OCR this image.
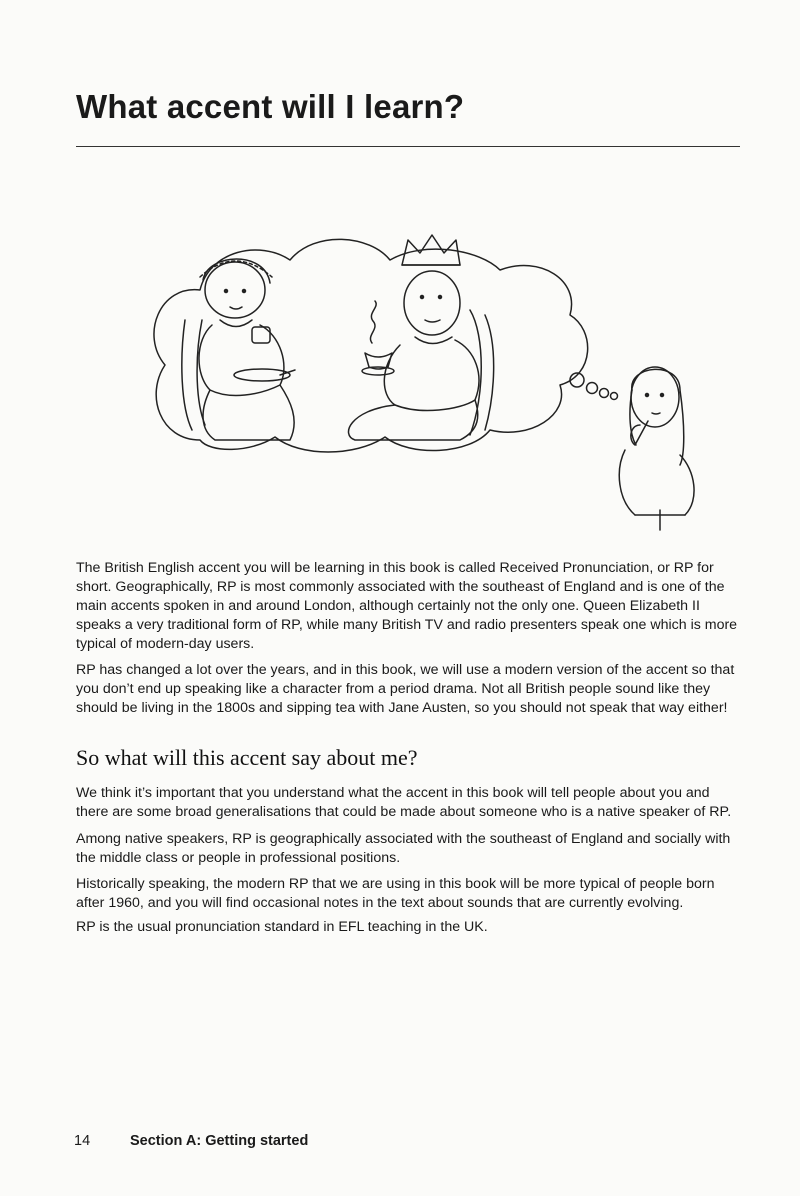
What accent will I learn?

The British English accent you will be learning in this book is called Received Pronunciation, or RP for short. Geographically, RP is most commonly associated with the southeast of England and is one of the main accents spoken in and around London, although certainly not the only one. Queen Elizabeth II speaks a very traditional form of RP, while many British TV and radio presenters speak one which is more typical of modern-day users.

RP has changed a lot over the years, and in this book, we will use a modern version of the accent so that you don’t end up speaking like a character from a period drama. Not all British people sound like they should be living in the 1800s and sipping tea with Jane Austen, so you should not speak that way either!

So what will this accent say about me?

We think it’s important that you understand what the accent in this book will tell people about you and there are some broad generalisations that could be made about someone who is a native speaker of RP.

Among native speakers, RP is geographically associated with the southeast of England and socially with the middle class or people in professional positions.

Historically speaking, the modern RP that we are using in this book will be more typical of people born after 1960, and you will find occasional notes in the text about sounds that are currently evolving.

RP is the usual pronunciation standard in EFL teaching in the UK.

14	Section A: Getting started
